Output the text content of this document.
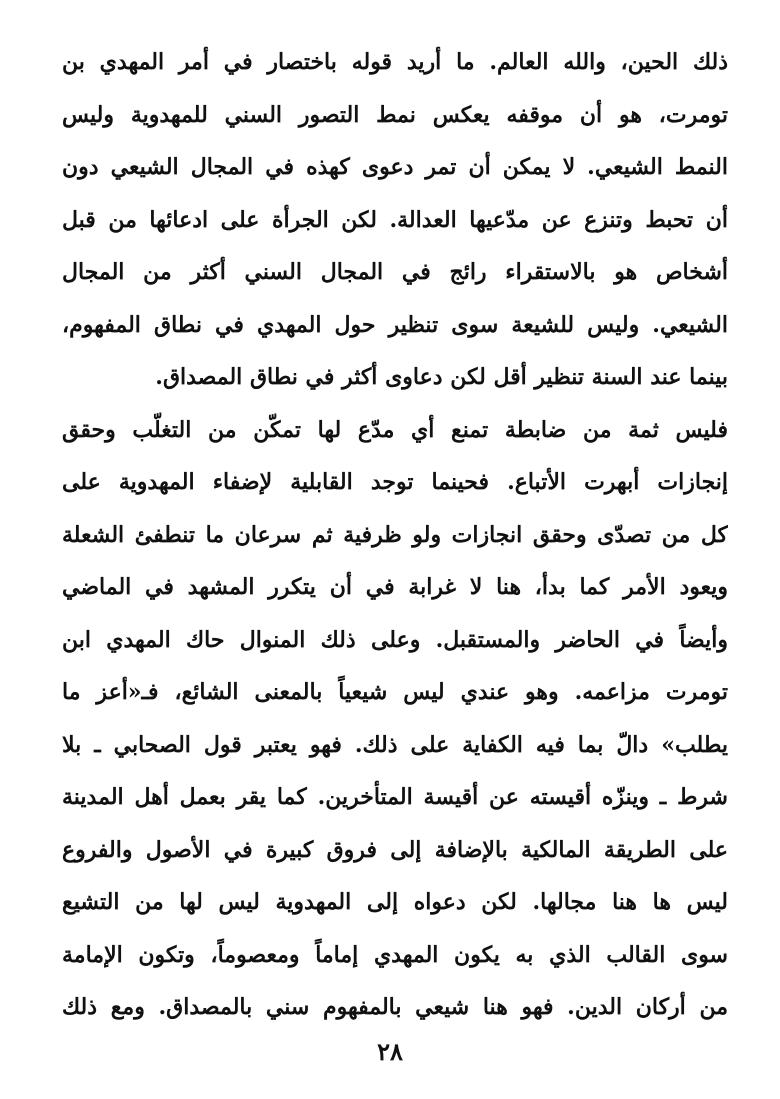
ذلك الحين، والله العالم. ما أريد قوله باختصار في أمر المهدي بن
تومرت، هو أن موقفه يعكس نمط التصور السني للمهدوية وليس
النمط الشيعي. لا يمكن أن تمر دعوى كهذه في المجال الشيعي دون
أن تحبط وتنزع عن مدّعيها العدالة. لكن الجرأة على ادعائها من قبل
أشخاص هو بالاستقراء رائج في المجال السني أكثر من المجال
الشيعي. وليس للشيعة سوى تنظير حول المهدي في نطاق المفهوم،
بينما عند السنة تنظير أقل لكن دعاوى أكثر في نطاق المصداق.
فليس ثمة من ضابطة تمنع أي مدّع لها تمكّن من التغلّب وحقق
إنجازات أبهرت الأتباع. فحينما توجد القابلية لإضفاء المهدوية على
كل من تصدّى وحقق انجازات ولو ظرفية ثم سرعان ما تنطفئ الشعلة
ويعود الأمر كما بدأ، هنا لا غرابة في أن يتكرر المشهد في الماضي
وأيضاً في الحاضر والمستقبل. وعلى ذلك المنوال حاك المهدي ابن
تومرت مزاعمه. وهو عندي ليس شيعياً بالمعنى الشائع، فـ«أعز ما
يطلب» دالّ بما فيه الكفاية على ذلك. فهو يعتبر قول الصحابي ـ بلا
شرط ـ وينزّه أقيسته عن أقيسة المتأخرين. كما يقر بعمل أهل المدينة
على الطريقة المالكية بالإضافة إلى فروق كبيرة في الأصول والفروع
ليس ها هنا مجالها. لكن دعواه إلى المهدوية ليس لها من التشيع
سوى القالب الذي به يكون المهدي إماماً ومعصوماً، وتكون الإمامة
من أركان الدين. فهو هنا شيعي بالمفهوم سني بالمصداق. ومع ذلك
٢٨
